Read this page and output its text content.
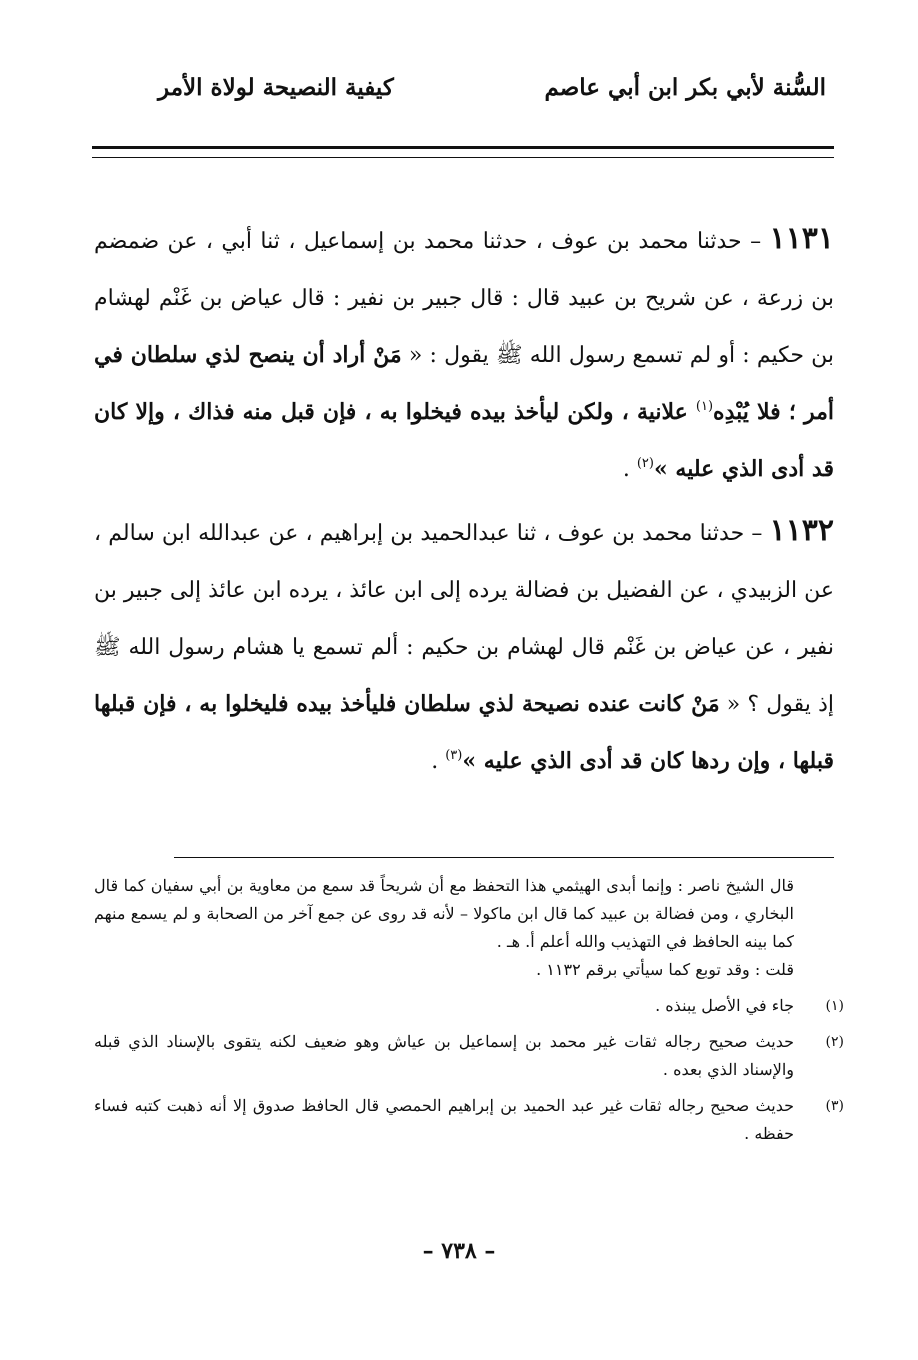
السُّنة لأبي بكر ابن أبي عاصم
كيفية النصيحة لولاة الأمر

١١٣١ – حدثنا محمد بن عوف ، حدثنا محمد بن إسماعيل ، ثنا أبي ، عن ضمضم بن زرعة ، عن شريح بن عبيد قال : قال جبير بن نفير : قال عياض بن غَنْم لهشام بن حكيم : أو لم تسمع رسول الله ﷺ يقول : « مَنْ أراد أن ينصح لذي سلطان في أمر ؛ فلا يُبْدِه$^{(١)}$ علانية ، ولكن ليأخذ بيده فيخلوا به ، فإن قبل منه فذاك ، وإلا كان قد أدى الذي عليه »$^{(٢)}$ .

١١٣٢ – حدثنا محمد بن عوف ، ثنا عبدالحميد بن إبراهيم ، عن عبدالله ابن سالم ، عن الزبيدي ، عن الفضيل بن فضالة يرده إلى ابن عائذ ، يرده ابن عائذ إلى جبير بن نفير ، عن عياض بن غَنْم قال لهشام بن حكيم : ألم تسمع يا هشام رسول الله ﷺ إذ يقول ؟ « مَنْ كانت عنده نصيحة لذي سلطان فليأخذ بيده فليخلوا به ، فإن قبلها قبلها ، وإن ردها كان قد أدى الذي عليه »$^{(٣)}$ .

قال الشيخ ناصر : وإنما أبدى الهيثمي هذا التحفظ مع أن شريحاً قد سمع من معاوية بن أبي سفيان كما قال البخاري ، ومن فضالة بن عبيد كما قال ابن ماكولا – لأنه قد روى عن جمع آخر من الصحابة و لم يسمع منهم كما بينه الحافظ في التهذيب والله أعلم أ. هـ .

قلت : وقد توبع كما سيأتي برقم ١١٣٢ .

(١)
جاء في الأصل يبنذه .

(٢)
حديث صحيح رجاله ثقات غير محمد بن إسماعيل بن عياش وهو ضعيف لكنه يتقوى بالإسناد الذي قبله والإسناد الذي بعده .

(٣)
حديث صحيح رجاله ثقات غير عبد الحميد بن إبراهيم الحمصي قال الحافظ صدوق إلا أنه ذهبت كتبه فساء حفظه .

– ٧٣٨ –
